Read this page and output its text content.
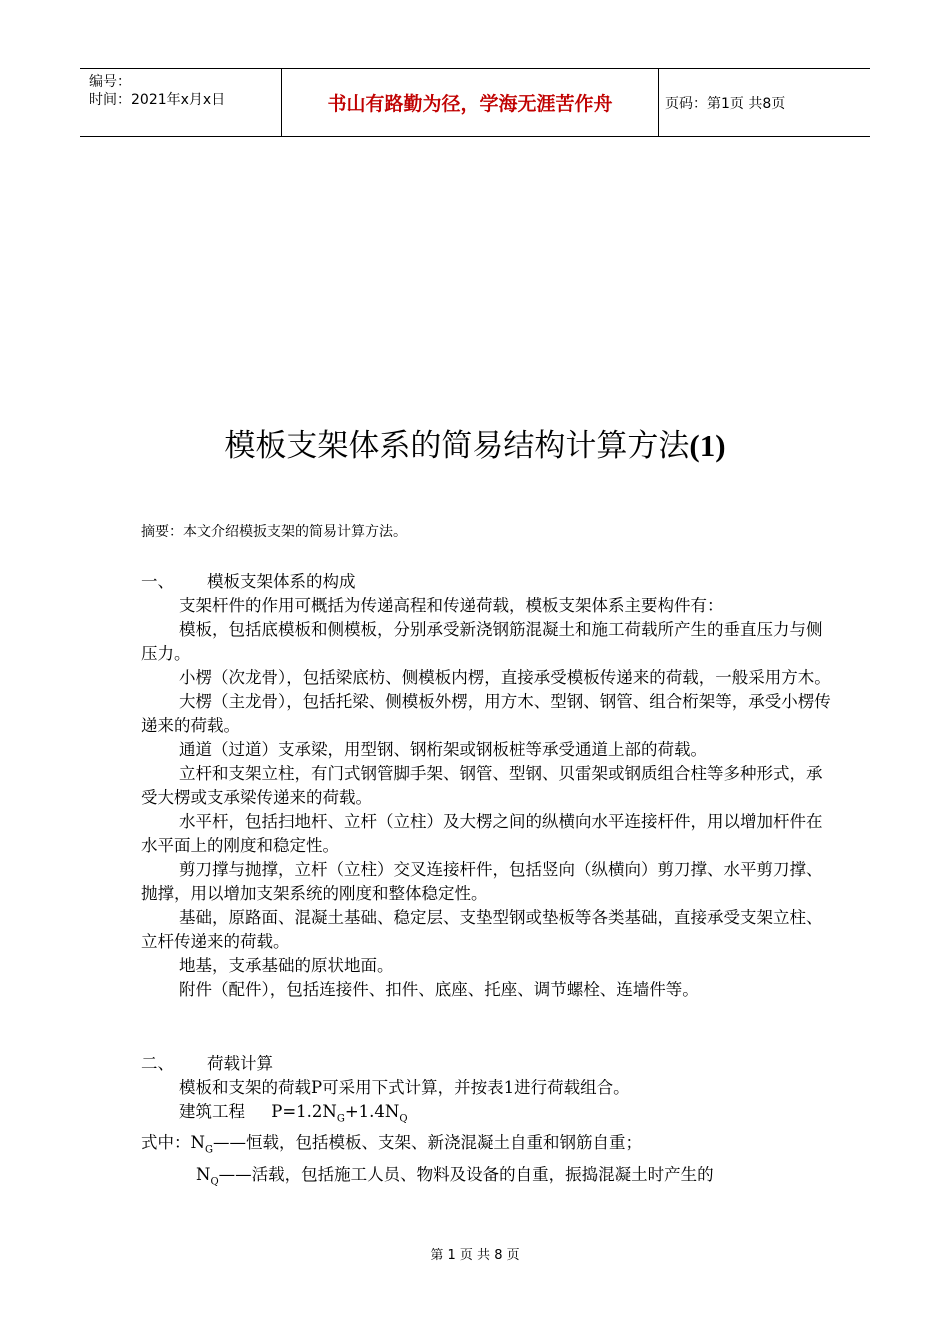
编号：
时间：2021年x月x日	书山有路勤为径，学海无涯苦作舟	页码：第1页 共8页
模板支架体系的简易结构计算方法(1)

摘要：本文介绍模扳支架的简易计算方法。

一、	模板支架体系的构成

支架杆件的作用可概括为传递高程和传递荷载，模板支架体系主要构件有：

模板，包括底模板和侧模板，分别承受新浇钢筋混凝土和施工荷载所产生的垂直压力与侧压力。

小楞（次龙骨），包括梁底枋、侧模板内楞，直接承受模板传递来的荷载，一般采用方木。

大楞（主龙骨），包括托梁、侧模板外楞，用方木、型钢、钢管、组合桁架等，承受小楞传递来的荷载。

通道（过道）支承梁，用型钢、钢桁架或钢板桩等承受通道上部的荷载。

立杆和支架立柱，有门式钢管脚手架、钢管、型钢、贝雷架或钢质组合柱等多种形式，承受大楞或支承梁传递来的荷载。

水平杆，包括扫地杆、立杆（立柱）及大楞之间的纵横向水平连接杆件，用以增加杆件在水平面上的刚度和稳定性。

剪刀撑与抛撑，立杆（立柱）交叉连接杆件，包括竖向（纵横向）剪刀撑、水平剪刀撑、抛撑，用以增加支架系统的刚度和整体稳定性。

基础，原路面、混凝土基础、稳定层、支垫型钢或垫板等各类基础，直接承受支架立柱、立杆传递来的荷载。

地基，支承基础的原状地面。

附件（配件），包括连接件、扣件、底座、托座、调节螺栓、连墙件等。

二、	荷载计算

模板和支架的荷载P可采用下式计算，并按表1进行荷载组合。

建筑工程 $P=1.2N_G+1.4N_Q$

式中：$N_G——$恒载，包括模板、支架、新浇混凝土自重和钢筋自重；

$N_Q——$活载，包括施工人员、物料及设备的自重，振捣混凝土时产生的

第 1 页 共 8 页
